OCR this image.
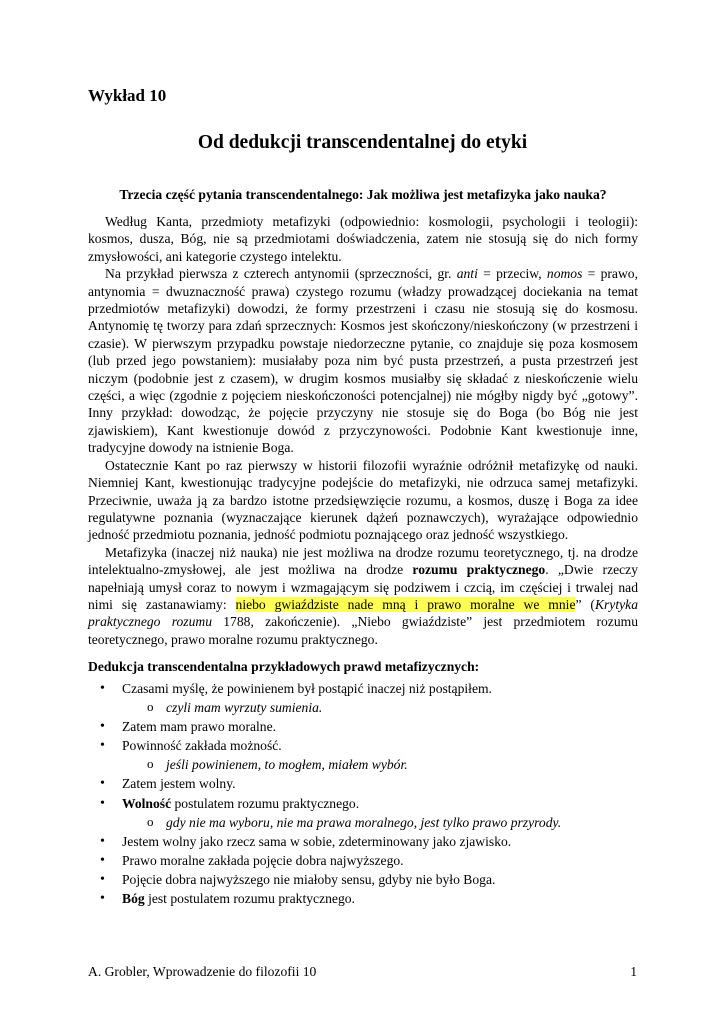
Wykład 10
Od dedukcji transcendentalnej do etyki
Trzecia część pytania transcendentalnego: Jak możliwa jest metafizyka jako nauka?

Według Kanta, przedmioty metafizyki (odpowiednio: kosmologii, psychologii i teologii): kosmos, dusza, Bóg, nie są przedmiotami doświadczenia, zatem nie stosują się do nich formy zmysłowości, ani kategorie czystego intelektu.

Na przykład pierwsza z czterech antynomii (sprzeczności, gr. anti = przeciw, nomos = prawo, antynomia = dwuznaczność prawa) czystego rozumu (władzy prowadzącej dociekania na temat przedmiotów metafizyki) dowodzi, że formy przestrzeni i czasu nie stosują się do kosmosu. Antynomię tę tworzy para zdań sprzecznych: Kosmos jest skończony/nieskończony (w przestrzeni i czasie). W pierwszym przypadku powstaje niedorzeczne pytanie, co znajduje się poza kosmosem (lub przed jego powstaniem): musiałaby poza nim być pusta przestrzeń, a pusta przestrzeń jest niczym (podobnie jest z czasem), w drugim kosmos musiałby się składać z nieskończenie wielu części, a więc (zgodnie z pojęciem nieskończoności potencjalnej) nie mógłby nigdy być „gotowy”. Inny przykład: dowodząc, że pojęcie przyczyny nie stosuje się do Boga (bo Bóg nie jest zjawiskiem), Kant kwestionuje dowód z przyczynowości. Podobnie Kant kwestionuje inne, tradycyjne dowody na istnienie Boga.

Ostatecznie Kant po raz pierwszy w historii filozofii wyraźnie odróżnił metafizykę od nauki. Niemniej Kant, kwestionując tradycyjne podejście do metafizyki, nie odrzuca samej metafizyki. Przeciwnie, uważa ją za bardzo istotne przedsięwzięcie rozumu, a kosmos, duszę i Boga za idee regulatywne poznania (wyznaczające kierunek dążeń poznawczych), wyrażające odpowiednio jedność przedmiotu poznania, jedność podmiotu poznającego oraz jedność wszystkiego.

Metafizyka (inaczej niż nauka) nie jest możliwa na drodze rozumu teoretycznego, tj. na drodze intelektualno-zmysłowej, ale jest możliwa na drodze rozumu praktycznego. „Dwie rzeczy napełniają umysł coraz to nowym i wzmagającym się podziwem i czcią, im częściej i trwalej nad nimi się zastanawiamy: niebo gwiaździste nade mną i prawo moralne we mnie” (Krytyka praktycznego rozumu 1788, zakończenie). „Niebo gwiaździste” jest przedmiotem rozumu teoretycznego, prawo moralne rozumu praktycznego.

Dedukcja transcendentalna przykładowych prawd metafizycznych:
• Czasami myślę, że powinienem był postąpić inaczej niż postąpiłem.
o czyli mam wyrzuty sumienia.
• Zatem mam prawo moralne.
• Powinność zakłada możność.
o jeśli powinienem, to mogłem, miałem wybór.
• Zatem jestem wolny.
• Wolność postulatem rozumu praktycznego.
o gdy nie ma wyboru, nie ma prawa moralnego, jest tylko prawo przyrody.
• Jestem wolny jako rzecz sama w sobie, zdeterminowany jako zjawisko.
• Prawo moralne zakłada pojęcie dobra najwyższego.
• Pojęcie dobra najwyższego nie miałoby sensu, gdyby nie było Boga.
• Bóg jest postulatem rozumu praktycznego.

A. Grobler, Wprowadzenie do filozofii 10	1
